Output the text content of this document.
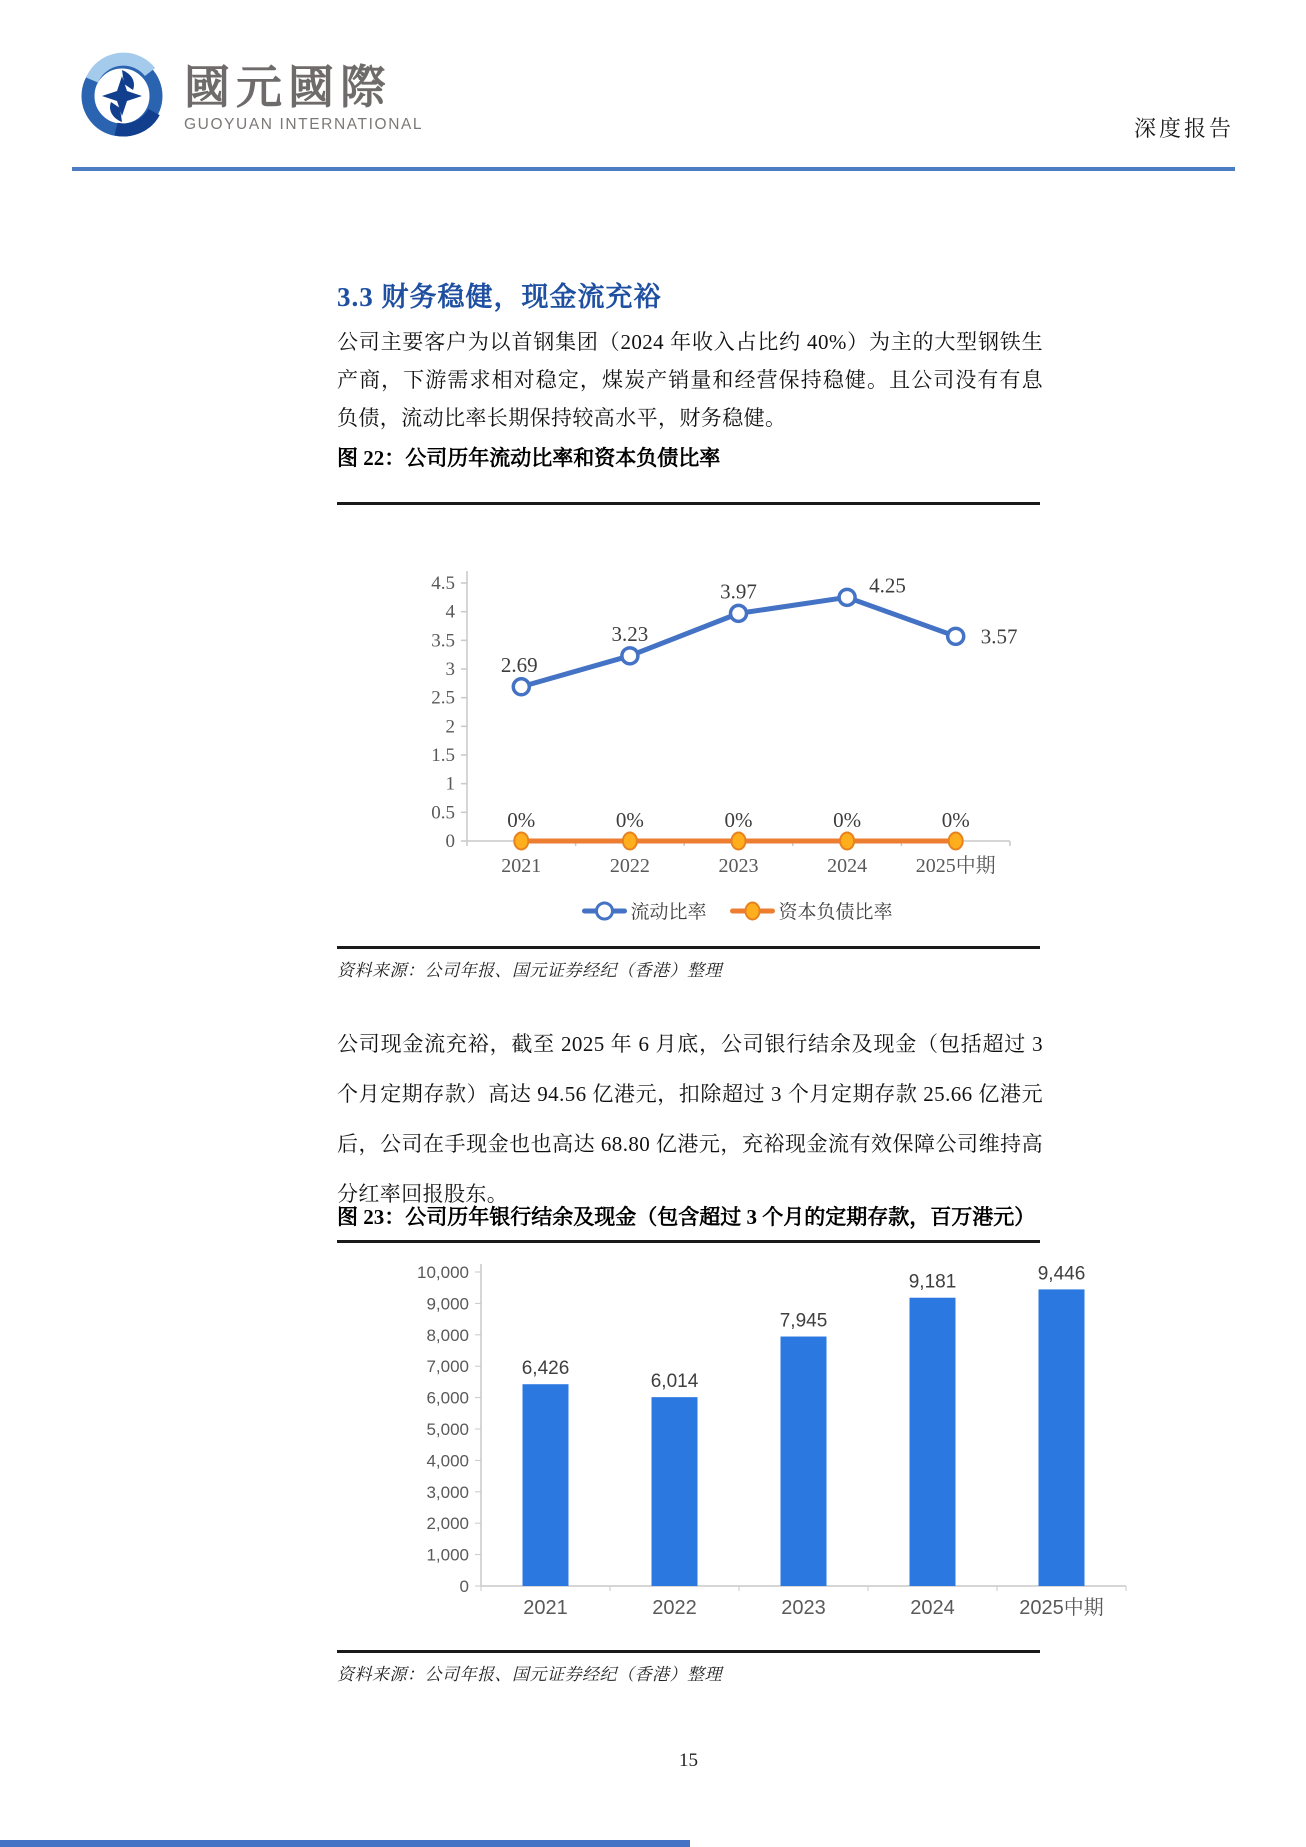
國元國際
GUOYUAN INTERNATIONAL	深度报告
3.3 财务稳健，现金流充裕

公司主要客户为以首钢集团（2024 年收入占比约 40%）为主的大型钢铁生产商，下游需求相对稳定，煤炭产销量和经营保持稳健。且公司没有有息负债，流动比率长期保持较高水平，财务稳健。

图 22：公司历年流动比率和资本负债比率
0
0.5
1
1.5
2
2.5
3
3.5
4
4.5
2021	2022	2023	2024 2025中期
0%	0%	0%	0%	0%
2.69
3.23
3.97	4.25
3.57
流动比率	资本负债比率
资料来源：公司年报、国元证券经纪（香港）整理

公司现金流充裕，截至 2025 年 6 月底，公司银行结余及现金（包括超过 3 个月定期存款）高达 94.56 亿港元，扣除超过 3 个月定期存款 25.66 亿港元后，公司在手现金也也高达 68.80 亿港元，充裕现金流有效保障公司维持高分红率回报股东。

图 23：公司历年银行结余及现金（包含超过 3 个月的定期存款，百万港元）
0
1,000
2,000
3,000
4,000
5,000
6,000
7,000
8,000
9,000
10,000
6,426
2021
6,014
2022
7,945
2023
9,181
2024
9,446
2025中期
资料来源：公司年报、国元证券经纪（香港）整理
15
